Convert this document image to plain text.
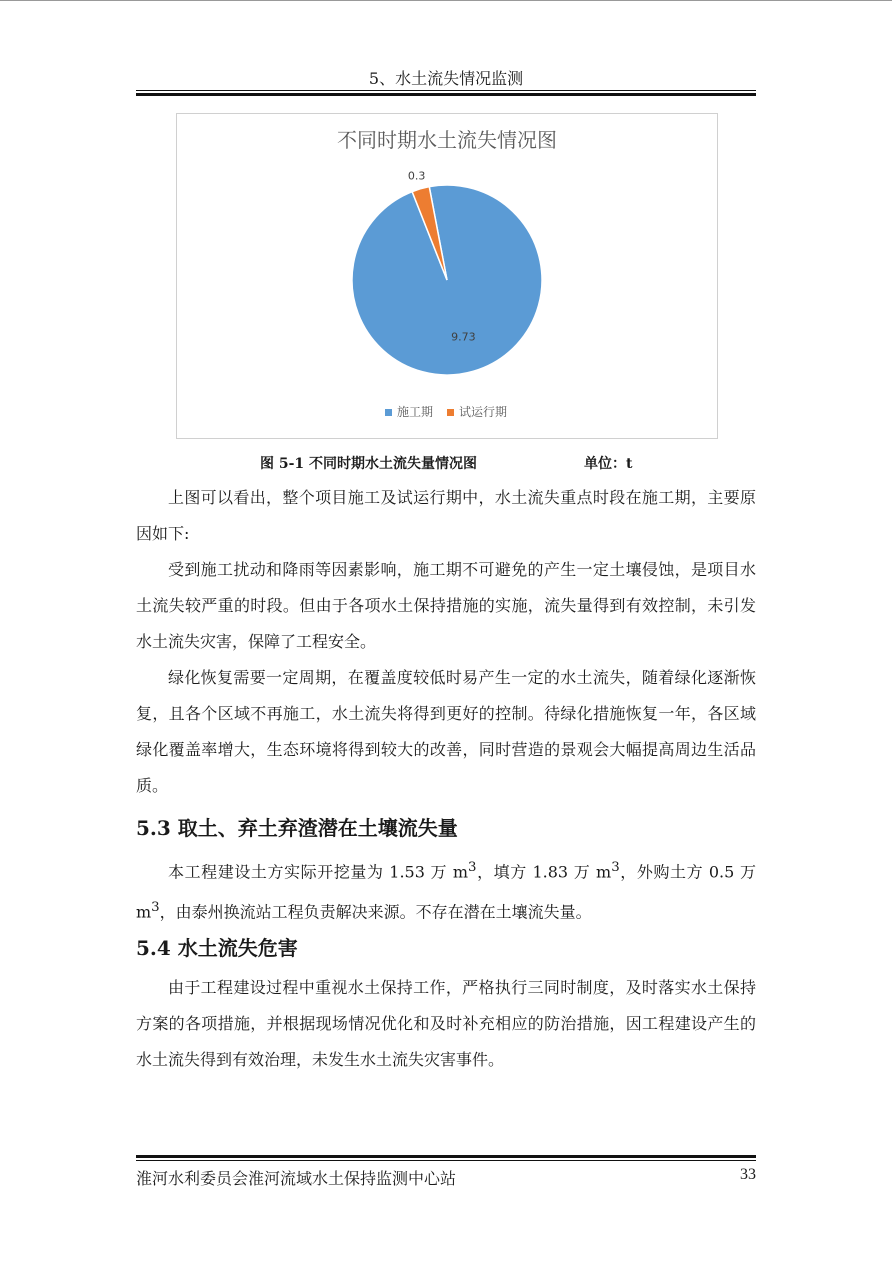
5、水土流失情况监测
不同时期水土流失情况图
9.73
0.3
施工期 试运行期
图 5-1 不同时期水土流失量情况图	单位：t

上图可以看出，整个项目施工及试运行期中，水土流失重点时段在施工期，主要原因如下:

受到施工扰动和降雨等因素影响，施工期不可避免的产生一定土壤侵蚀，是项目水土流失较严重的时段。但由于各项水土保持措施的实施，流失量得到有效控制，未引发水土流失灾害，保障了工程安全。

绿化恢复需要一定周期，在覆盖度较低时易产生一定的水土流失，随着绿化逐渐恢复，且各个区域不再施工，水土流失将得到更好的控制。待绿化措施恢复一年，各区域绿化覆盖率增大，生态环境将得到较大的改善，同时营造的景观会大幅提高周边生活品质。

5.3 取土、弃土弃渣潜在土壤流失量

本工程建设土方实际开挖量为 1.53 万 $m^3$，填方 1.83 万 $m^3$，外购土方 0.5 万 $m^3$，由泰州换流站工程负责解决来源。不存在潜在土壤流失量。

5.4 水土流失危害

由于工程建设过程中重视水土保持工作，严格执行三同时制度，及时落实水土保持方案的各项措施，并根据现场情况优化和及时补充相应的防治措施，因工程建设产生的水土流失得到有效治理，未发生水土流失灾害事件。

淮河水利委员会淮河流域水土保持监测中心站	33
